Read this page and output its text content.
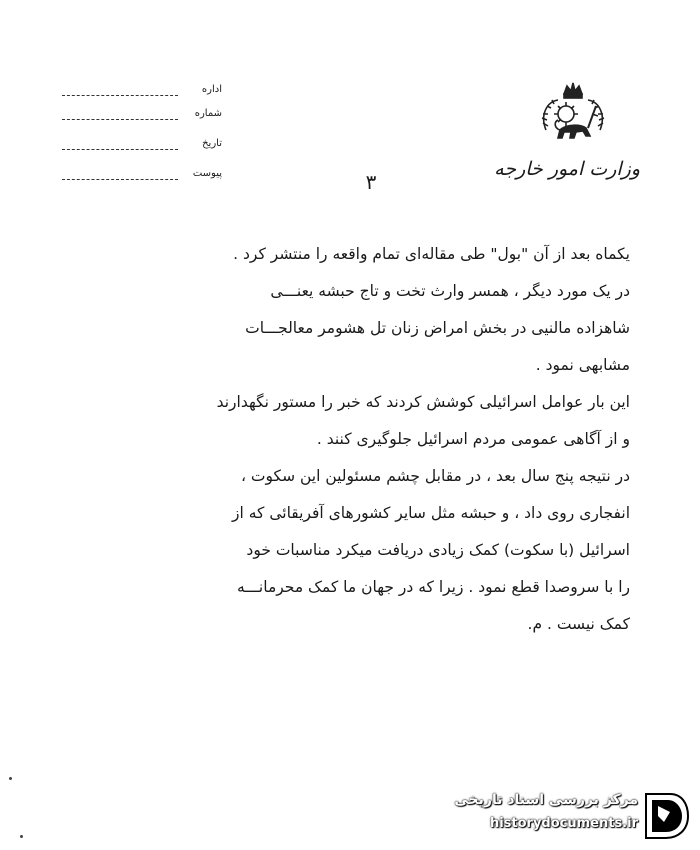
اداره
شماره
تاریخ
پیوست	وزارت امور خارجه
۳
یکماه بعد از آن "بول" طی مقاله‌ای تمام واقعه را منتشر کرد .
در یک مورد دیگر ، همسر وارث تخت و تاج حبشه یعنـــی
شاهزاده مالنیی در بخش امراض زنان تل هشومر معالجـــات
مشابهی نمود .
این بار عوامل اسرائیلی کوشش کردند که خبر را مستور نگهدارند
و از آگاهی عمومی مردم اسرائیل جلوگیری کنند .
در نتیجه پنج سال بعد ، در مقابل چشم مسئولین این سکوت ،
انفجاری روی داد ، و حبشه مثل سایر کشورهای آفریقائی که از
اسرائیل (با سکوت) کمک زیادی دریافت میکرد مناسبات خود
را با سروصدا قطع نمود . زیرا که در جهان ما کمک محرمانـــه
کمک نیست . م.
مرکز بررسی اسناد تاریخی
historydocuments.ir
